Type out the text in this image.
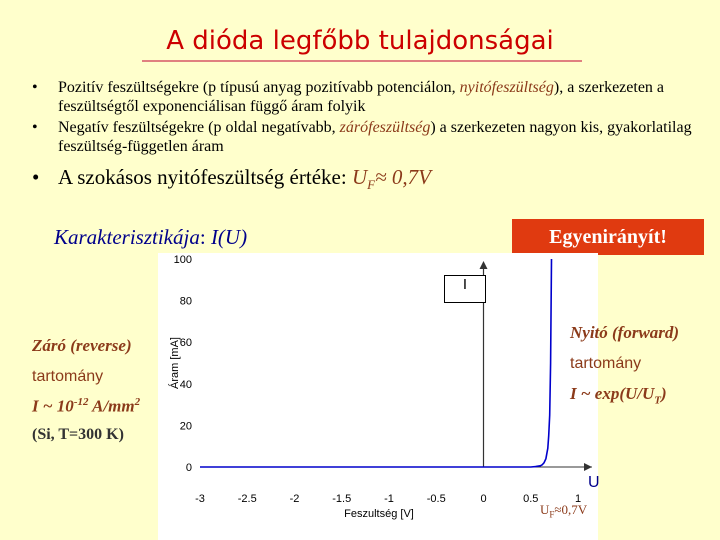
A dióda legfőbb tulajdonságai
• Pozitív feszültségekre (p típusú anyag pozitívabb potenciálon, nyitófeszültség), a szerkezeten a feszültségtől exponenciálisan függő áram folyik
• Negatív feszültségekre (p oldal negatívabb, zárófeszültség) a szerkezeten nagyon kis, gyakorlatilag feszültség-független áram
• A szokásos nyitófeszültség értéke: $U_F\approx 0,7V$
Karakterisztikája: I(U)	Egyenirányít!
0
20
40
60
80
100
-3	-2.5	-2	-1.5	-1	-0.5	0	0.5	1
Áram [mA]
Feszultség [V]
I
Záró (reverse)
tartomány
I ~ $10^{-12}$ $A/mm^2$
(Si, T=300 K)
Nyitó (forward)
tartomány
I ~ $\exp(U/U_T)$
U
$U_F\approx 0,7V$
